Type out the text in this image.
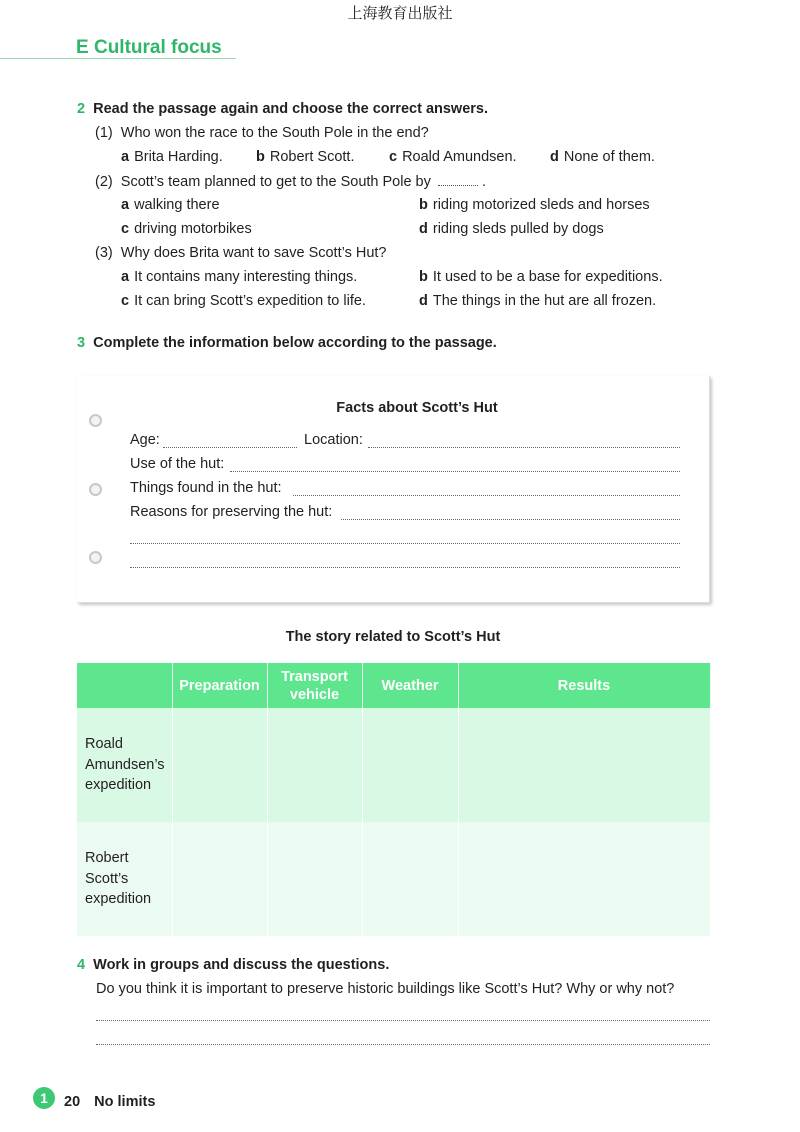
上海教育出版社
E Cultural focus
2 Read the passage again and choose the correct answers.
(1) Who won the race to the South Pole in the end?
a Brita Harding. b Robert Scott. c Roald Amundsen. d None of them.
(2) Scott’s team planned to get to the South Pole by	.
a walking there	b riding motorized sleds and horses
c driving motorbikes	d riding sleds pulled by dogs
(3) Why does Brita want to save Scott’s Hut?
a It contains many interesting things.	b It used to be a base for expeditions.
c It can bring Scott’s expedition to life.	d The things in the hut are all frozen.
3 Complete the information below according to the passage.
Facts about Scott’s Hut
Age:	Location:
Use of the hut:
Things found in the hut:
Reasons for preserving the hut:
The story related to Scott’s Hut
	Preparation	Transport vehicle	Weather	Results
Roald Amundsen’s expedition				
Robert Scott’s expedition				
4 Work in groups and discuss the questions.
Do you think it is important to preserve historic buildings like Scott’s Hut? Why or why not?
1	20 No limits
